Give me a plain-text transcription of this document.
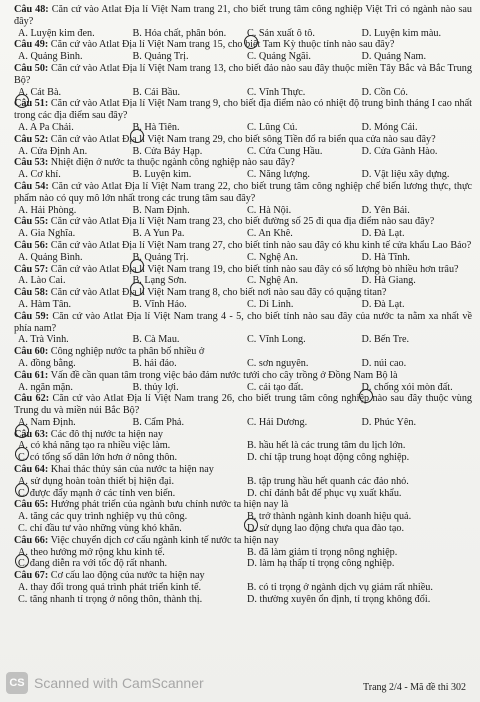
Câu 48: Căn cứ vào Atlat Địa lí Việt Nam trang 21, cho biết trung tâm công nghiệp Việt Trì có ngành nào sau đây?

A. Luyện kim đen.	B. Hóa chất, phân bón.	C. Sản xuất ô tô.	D. Luyện kim màu.

Câu 49: Căn cứ vào Atlat Địa lí Việt Nam trang 15, cho biết Tam Kỳ thuộc tỉnh nào sau đây?

A. Quảng Bình.	B. Quảng Trị.	C. Quảng Ngãi.	D. Quảng Nam.

Câu 50: Căn cứ vào Atlat Địa lí Việt Nam trang 13, cho biết đảo nào sau đây thuộc miền Tây Bắc và Bắc Trung Bộ?

A. Cát Bà.	B. Cái Bầu.	C. Vĩnh Thực.	D. Cồn Cỏ.

Câu 51: Căn cứ vào Atlat Địa lí Việt Nam trang 9, cho biết địa điểm nào có nhiệt độ trung bình tháng I cao nhất trong các địa điểm sau đây?

A. A Pa Chải.	B. Hà Tiên.	C. Lũng Cú.	D. Móng Cái.

Câu 52: Căn cứ vào Atlat Địa lí Việt Nam trang 29, cho biết sông Tiền đổ ra biển qua cửa nào sau đây?

A. Cửa Định An.	B. Cửa Bảy Hạp.	C. Cửa Cung Hầu.	D. Cửa Gành Hào.

Câu 53: Nhiệt điện ở nước ta thuộc ngành công nghiệp nào sau đây?

A. Cơ khí.	B. Luyện kim.	C. Năng lượng.	D. Vật liệu xây dựng.

Câu 54: Căn cứ vào Atlat Địa lí Việt Nam trang 22, cho biết trung tâm công nghiệp chế biến lương thực, thực phẩm nào có quy mô lớn nhất trong các trung tâm sau đây?

A. Hải Phòng.	B. Nam Định.	C. Hà Nội.	D. Yên Bái.

Câu 55: Căn cứ vào Atlat Địa lí Việt Nam trang 23, cho biết đường số 25 đi qua địa điểm nào sau đây?

A. Gia Nghĩa.	B. A Yun Pa.	C. An Khê.	D. Đà Lạt.

Câu 56: Căn cứ vào Atlat Địa lí Việt Nam trang 27, cho biết tỉnh nào sau đây có khu kinh tế cửa khẩu Lao Bảo?

A. Quảng Bình.	B. Quảng Trị.	C. Nghệ An.	D. Hà Tĩnh.

Câu 57: Căn cứ vào Atlat Địa lí Việt Nam trang 19, cho biết tỉnh nào sau đây có số lượng bò nhiều hơn trâu?

A. Lào Cai.	B. Lạng Sơn.	C. Nghệ An.	D. Hà Giang.

Câu 58: Căn cứ vào Atlat Địa lí Việt Nam trang 8, cho biết nơi nào sau đây có quặng titan?

A. Hàm Tân.	B. Vĩnh Hảo.	C. Di Linh.	D. Đà Lạt.

Câu 59: Căn cứ vào Atlat Địa lí Việt Nam trang 4 - 5, cho biết tỉnh nào sau đây của nước ta nằm xa nhất về phía nam?

A. Trà Vinh.	B. Cà Mau.	C. Vĩnh Long.	D. Bến Tre.

Câu 60: Công nghiệp nước ta phân bố nhiều ở

A. đồng bằng.	B. hải đảo.	C. sơn nguyên.	D. núi cao.

Câu 61: Vấn đề cần quan tâm trong việc bảo đảm nước tưới cho cây trồng ở Đồng Nam Bộ là

A. ngăn mặn.	B. thủy lợi.	C. cải tạo đất.	D. chống xói mòn đất.

Câu 62: Căn cứ vào Atlat Địa lí Việt Nam trang 26, cho biết trung tâm công nghiệp nào sau đây thuộc vùng Trung du và miền núi Bắc Bộ?

A. Nam Định.	B. Cẩm Phả.	C. Hải Dương.	D. Phúc Yên.

Câu 63: Các đô thị nước ta hiện nay

A. có khả năng tạo ra nhiều việc làm.	B. hầu hết là các trung tâm du lịch lớn.
C. có tổng số dân lớn hơn ở nông thôn.	D. chỉ tập trung hoạt động công nghiệp.

Câu 64: Khai thác thủy sản của nước ta hiện nay

A. sử dụng hoàn toàn thiết bị hiện đại.	B. tập trung hầu hết quanh các đảo nhỏ.
C. được đẩy mạnh ở các tỉnh ven biển.	D. chỉ đánh bắt để phục vụ xuất khẩu.

Câu 65: Hướng phát triển của ngành bưu chính nước ta hiện nay là

A. tăng các quy trình nghiệp vụ thủ công.	B. trở thành ngành kinh doanh hiệu quả.
C. chỉ đầu tư vào những vùng khó khăn.	D. sử dụng lao động chưa qua đào tạo.

Câu 66: Việc chuyển dịch cơ cấu ngành kinh tế nước ta hiện nay

A. theo hướng mở rộng khu kinh tế.	B. đã làm giảm tỉ trọng nông nghiệp.
C. đang diễn ra với tốc độ rất nhanh.	D. làm hạ thấp tỉ trọng công nghiệp.

Câu 67: Cơ cấu lao động của nước ta hiện nay

A. thay đổi trong quá trình phát triển kinh tế.	B. có tỉ trọng ở ngành dịch vụ giảm rất nhiều.
C. tăng nhanh tỉ trọng ở nông thôn, thành thị.	D. thường xuyên ổn định, tỉ trọng không đổi.
Trang 2/4 - Mã đề thi 302
CS Scanned with CamScanner
